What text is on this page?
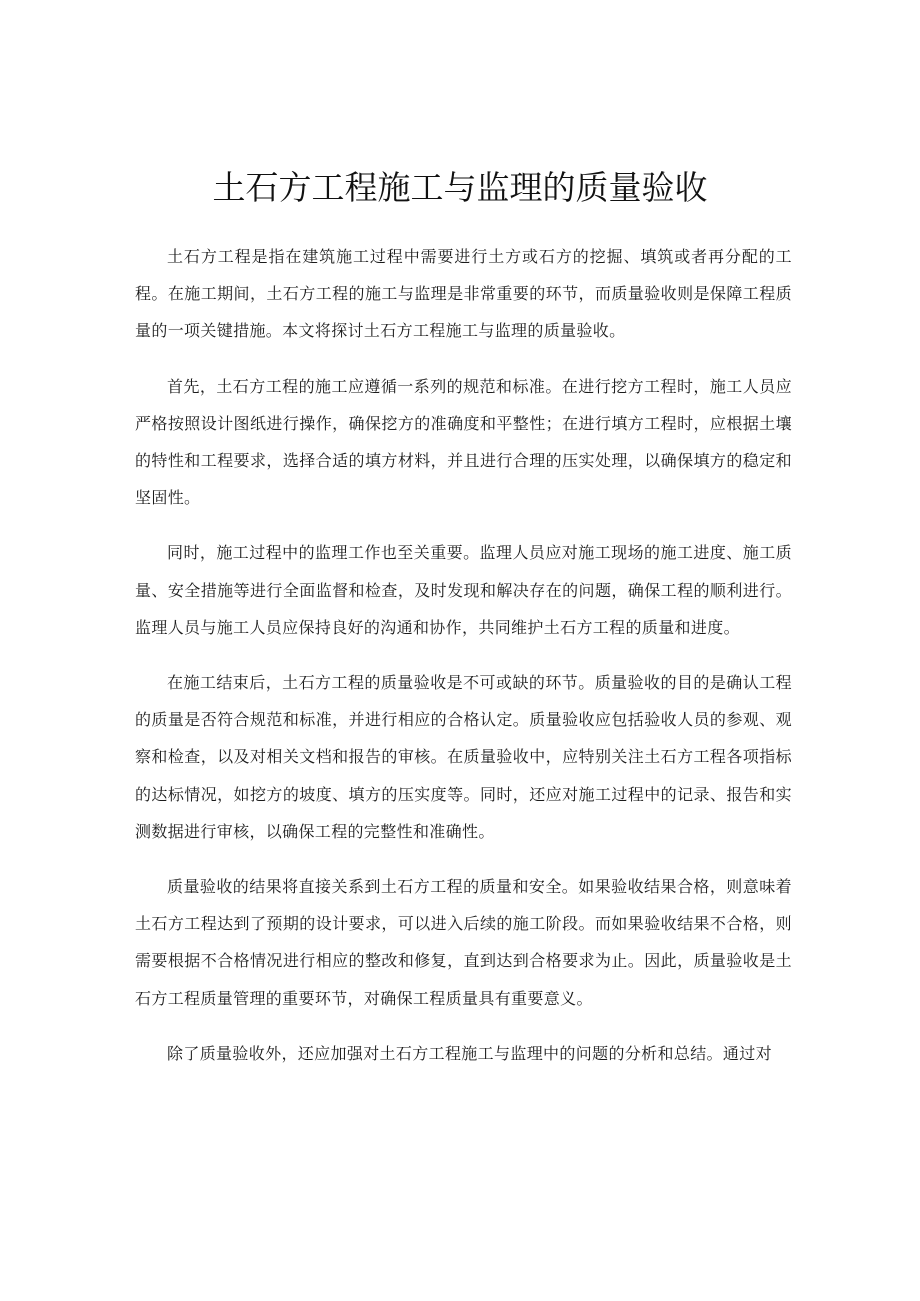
土石方工程施工与监理的质量验收

土石方工程是指在建筑施工过程中需要进行土方或石方的挖掘、填筑或者再分配的工程。在施工期间，土石方工程的施工与监理是非常重要的环节，而质量验收则是保障工程质量的一项关键措施。本文将探讨土石方工程施工与监理的质量验收。

首先，土石方工程的施工应遵循一系列的规范和标准。在进行挖方工程时，施工人员应严格按照设计图纸进行操作，确保挖方的准确度和平整性；在进行填方工程时，应根据土壤的特性和工程要求，选择合适的填方材料，并且进行合理的压实处理，以确保填方的稳定和坚固性。

同时，施工过程中的监理工作也至关重要。监理人员应对施工现场的施工进度、施工质量、安全措施等进行全面监督和检查，及时发现和解决存在的问题，确保工程的顺利进行。监理人员与施工人员应保持良好的沟通和协作，共同维护土石方工程的质量和进度。

在施工结束后，土石方工程的质量验收是不可或缺的环节。质量验收的目的是确认工程的质量是否符合规范和标准，并进行相应的合格认定。质量验收应包括验收人员的参观、观察和检查，以及对相关文档和报告的审核。在质量验收中，应特别关注土石方工程各项指标的达标情况，如挖方的坡度、填方的压实度等。同时，还应对施工过程中的记录、报告和实测数据进行审核，以确保工程的完整性和准确性。

质量验收的结果将直接关系到土石方工程的质量和安全。如果验收结果合格，则意味着土石方工程达到了预期的设计要求，可以进入后续的施工阶段。而如果验收结果不合格，则需要根据不合格情况进行相应的整改和修复，直到达到合格要求为止。因此，质量验收是土石方工程质量管理的重要环节，对确保工程质量具有重要意义。

除了质量验收外，还应加强对土石方工程施工与监理中的问题的分析和总结。通过对
